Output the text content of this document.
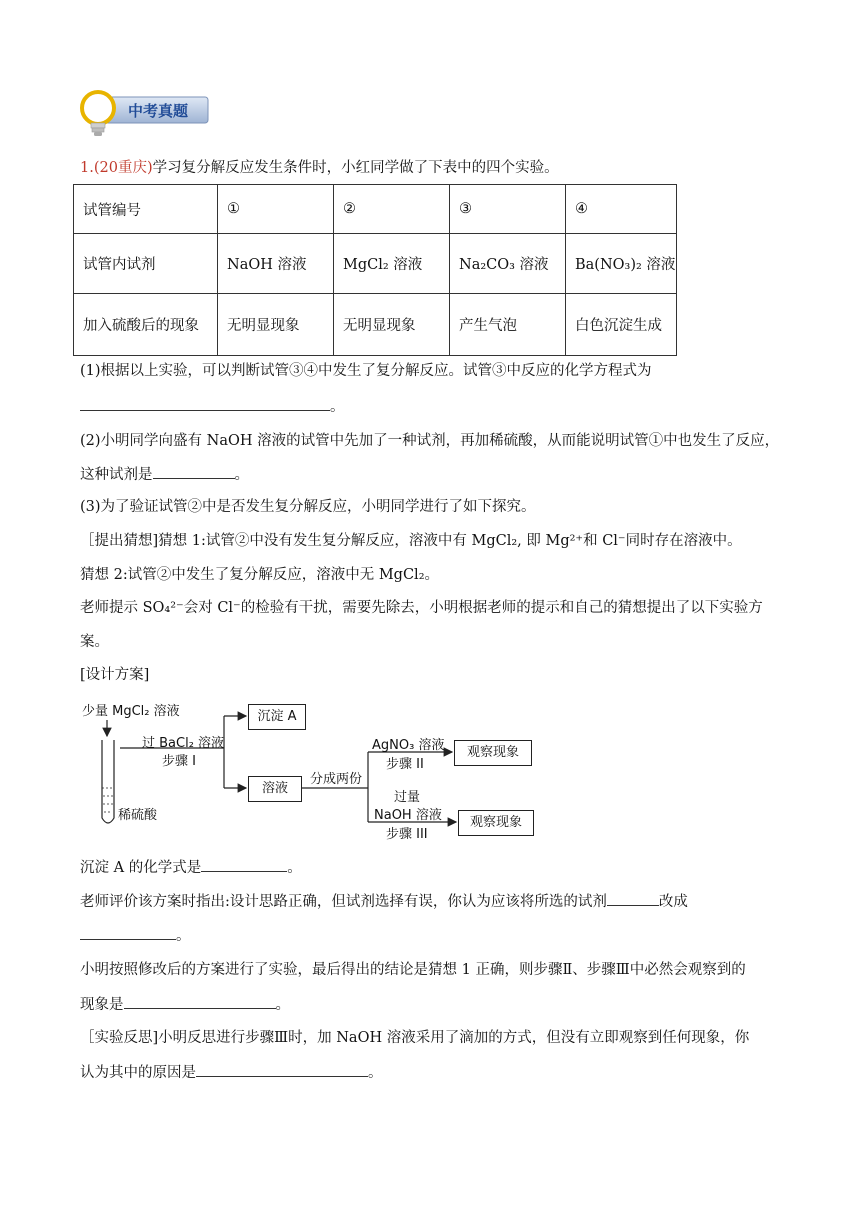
中考真题
1.(20重庆)学习复分解反应发生条件时，小红同学做了下表中的四个实验。
试管编号	①	②	③	④
试管内试剂	NaOH 溶液	MgCl₂ 溶液	Na₂CO₃ 溶液	Ba(NO₃)₂ 溶液
加入硫酸后的现象	无明显现象	无明显现象	产生气泡	白色沉淀生成
(1)根据以上实验，可以判断试管③④中发生了复分解反应。试管③中反应的化学方程式为
。
(2)小明同学向盛有 NaOH 溶液的试管中先加了一种试剂，再加稀硫酸，从而能说明试管①中也发生了反应，
这种试剂是	。
(3)为了验证试管②中是否发生复分解反应，小明同学进行了如下探究。
［提出猜想]猜想 1:试管②中没有发生复分解反应，溶液中有 MgCl₂, 即 Mg²⁺和 Cl⁻同时存在溶液中。
猜想 2:试管②中发生了复分解反应，溶液中无 MgCl₂。
老师提示 SO₄²⁻会对 Cl⁻的检验有干扰，需要先除去，小明根据老师的提示和自己的猜想提出了以下实验方
案。
[设计方案]
少量 MgCl₂ 溶液
稀硫酸
过 BaCl₂ 溶液
步骤 I
沉淀 A
溶液
分成两份
AgNO₃ 溶液
步骤 II
观察现象
过量
NaOH 溶液
步骤 III
观察现象
沉淀 A 的化学式是	。
老师评价该方案时指出:设计思路正确，但试剂选择有误，你认为应该将所选的试剂	改成
。
小明按照修改后的方案进行了实验，最后得出的结论是猜想 1 正确，则步骤Ⅱ、步骤Ⅲ中必然会观察到的
现象是	。
［实验反思]小明反思进行步骤Ⅲ时，加 NaOH 溶液采用了滴加的方式，但没有立即观察到任何现象，你
认为其中的原因是	。
